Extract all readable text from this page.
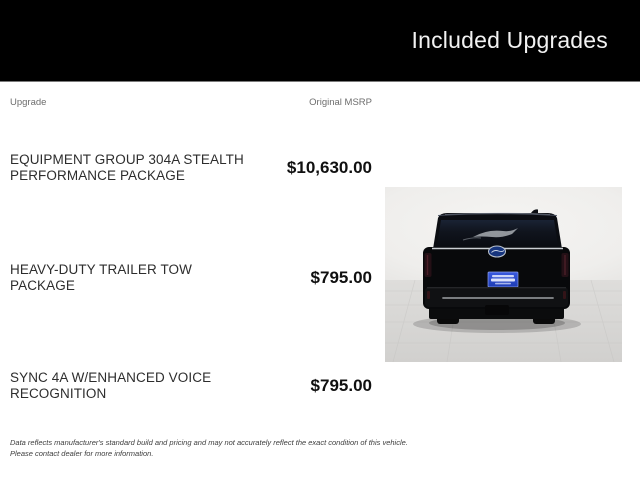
Included Upgrades
Upgrade	Original MSRP
EQUIPMENT GROUP 304A STEALTH PERFORMANCE PACKAGE	$10,630.00
HEAVY-DUTY TRAILER TOW PACKAGE	$795.00
SYNC 4A W/ENHANCED VOICE RECOGNITION	$795.00
Data reflects manufacturer's standard build and pricing and may not accurately reflect the exact condition of this vehicle.
Please contact dealer for more information.
